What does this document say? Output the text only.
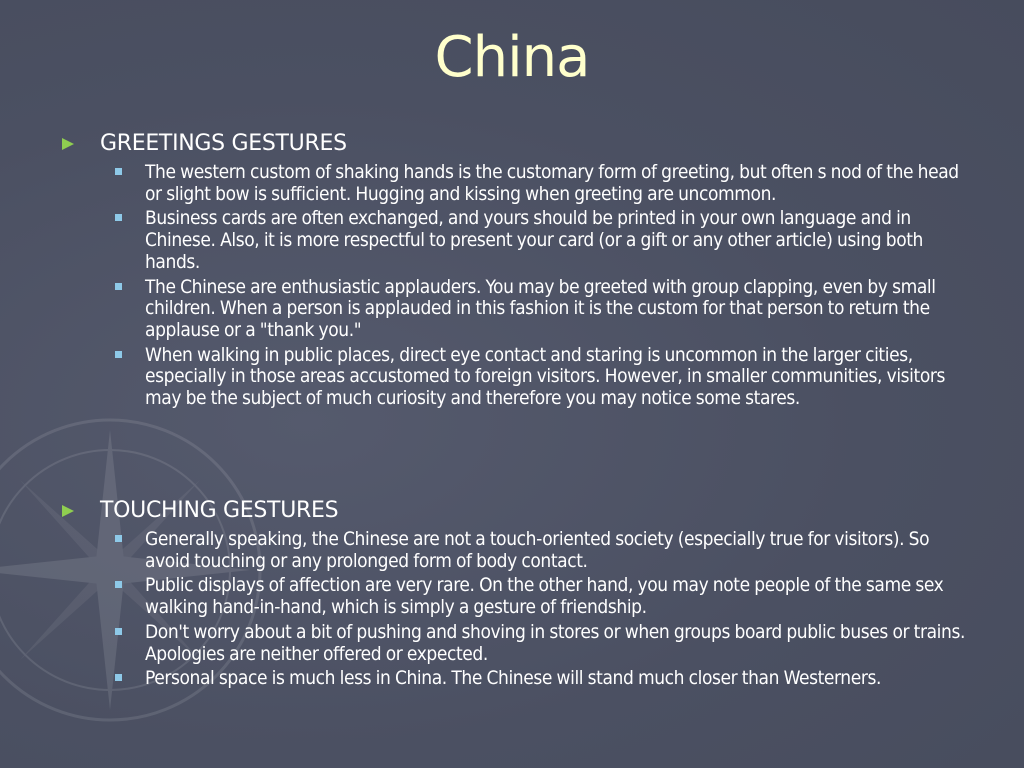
China
GREETINGS GESTURES
The western custom of shaking hands is the customary form of greeting, but often s nod of the head or slight bow is sufficient. Hugging and kissing when greeting are uncommon.
Business cards are often exchanged, and yours should be printed in your own language and in Chinese. Also, it is more respectful to present your card (or a gift or any other article) using both hands.
The Chinese are enthusiastic applauders. You may be greeted with group clapping, even by small children. When a person is applauded in this fashion it is the custom for that person to return the applause or a "thank you."
When walking in public places, direct eye contact and staring is uncommon in the larger cities, especially in those areas accustomed to foreign visitors. However, in smaller communities, visitors may be the subject of much curiosity and therefore you may notice some stares.
TOUCHING GESTURES
Generally speaking, the Chinese are not a touch-oriented society (especially true for visitors). So avoid touching or any prolonged form of body contact.
Public displays of affection are very rare. On the other hand, you may note people of the same sex walking hand-in-hand, which is simply a gesture of friendship.
Don't worry about a bit of pushing and shoving in stores or when groups board public buses or trains. Apologies are neither offered or expected.
Personal space is much less in China. The Chinese will stand much closer than Westerners.
